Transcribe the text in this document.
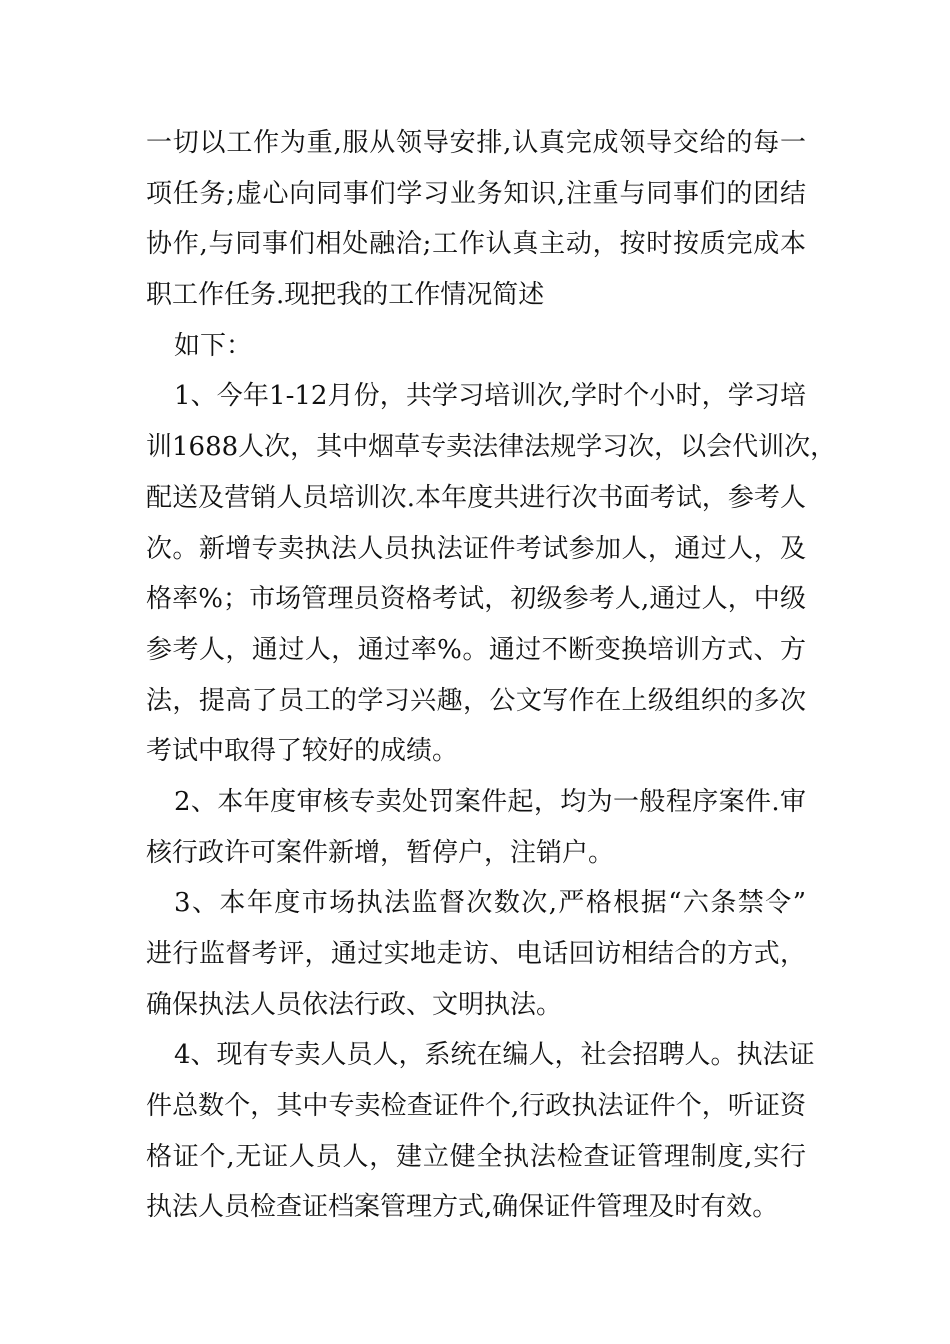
一切以工作为重,服从领导安排,认真完成领导交给的每一
项任务;虚心向同事们学习业务知识,注重与同事们的团结
协作,与同事们相处融洽;工作认真主动，按时按质完成本
职工作任务.现把我的工作情况简述
如下：
1、今年1-12月份，共学习培训次,学时个小时，学习培
训1688人次，其中烟草专卖法律法规学习次，以会代训次，
配送及营销人员培训次.本年度共进行次书面考试，参考人
次。新增专卖执法人员执法证件考试参加人，通过人，及
格率%；市场管理员资格考试，初级参考人,通过人，中级
参考人，通过人，通过率%。通过不断变换培训方式、方
法，提高了员工的学习兴趣，公文写作在上级组织的多次
考试中取得了较好的成绩。
2、本年度审核专卖处罚案件起，均为一般程序案件.审
核行政许可案件新增，暂停户，注销户。
3、本年度市场执法监督次数次,严格根据“六条禁令”
进行监督考评，通过实地走访、电话回访相结合的方式，
确保执法人员依法行政、文明执法。
4、现有专卖人员人，系统在编人，社会招聘人。执法证
件总数个，其中专卖检查证件个,行政执法证件个，听证资
格证个,无证人员人，建立健全执法检查证管理制度,实行
执法人员检查证档案管理方式,确保证件管理及时有效。
